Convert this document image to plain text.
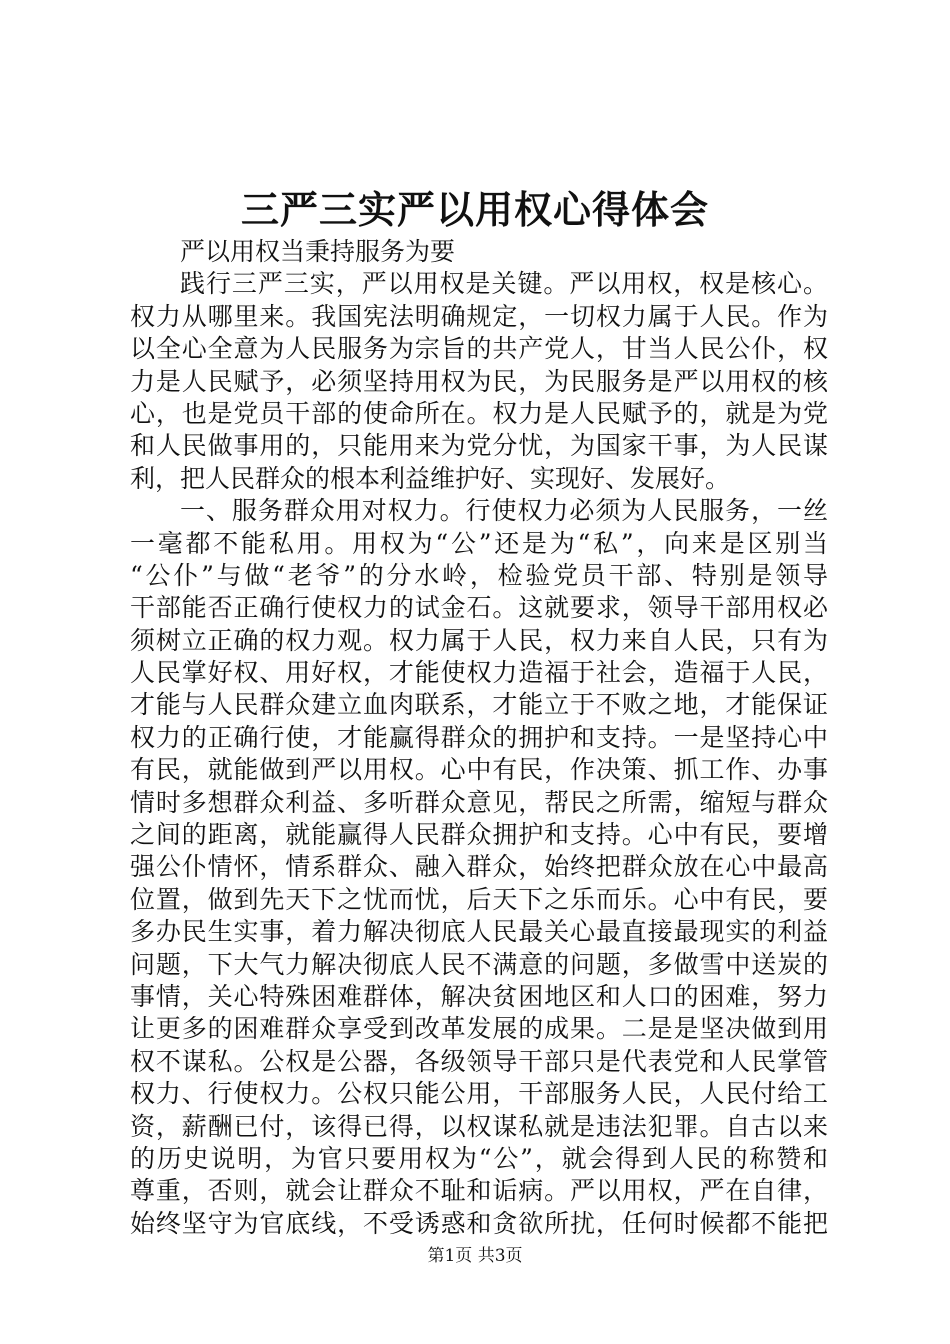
三严三实严以用权心得体会
严以用权当秉持服务为要
践行三严三实，严以用权是关键。严以用权，权是核心。
权力从哪里来。我国宪法明确规定，一切权力属于人民。作为
以全心全意为人民服务为宗旨的共产党人，甘当人民公仆，权
力是人民赋予，必须坚持用权为民，为民服务是严以用权的核
心，也是党员干部的使命所在。权力是人民赋予的，就是为党
和人民做事用的，只能用来为党分忧，为国家干事，为人民谋
利，把人民群众的根本利益维护好、实现好、发展好。
一、服务群众用对权力。行使权力必须为人民服务，一丝
一毫都不能私用。用权为“公”还是为“私”，向来是区别当
“公仆”与做“老爷”的分水岭，检验党员干部、特别是领导
干部能否正确行使权力的试金石。这就要求，领导干部用权必
须树立正确的权力观。权力属于人民，权力来自人民，只有为
人民掌好权、用好权，才能使权力造福于社会，造福于人民，
才能与人民群众建立血肉联系，才能立于不败之地，才能保证
权力的正确行使，才能赢得群众的拥护和支持。一是坚持心中
有民，就能做到严以用权。心中有民，作决策、抓工作、办事
情时多想群众利益、多听群众意见，帮民之所需，缩短与群众
之间的距离，就能赢得人民群众拥护和支持。心中有民，要增
强公仆情怀，情系群众、融入群众，始终把群众放在心中最高
位置，做到先天下之忧而忧，后天下之乐而乐。心中有民，要
多办民生实事，着力解决彻底人民最关心最直接最现实的利益
问题，下大气力解决彻底人民不满意的问题，多做雪中送炭的
事情，关心特殊困难群体，解决贫困地区和人口的困难，努力
让更多的困难群众享受到改革发展的成果。二是是坚决做到用
权不谋私。公权是公器，各级领导干部只是代表党和人民掌管
权力、行使权力。公权只能公用，干部服务人民，人民付给工
资，薪酬已付，该得已得，以权谋私就是违法犯罪。自古以来
的历史说明，为官只要用权为“公”，就会得到人民的称赞和
尊重，否则，就会让群众不耻和诟病。严以用权，严在自律，
始终坚守为官底线，不受诱惑和贪欲所扰，任何时候都不能把
第1页 共3页
